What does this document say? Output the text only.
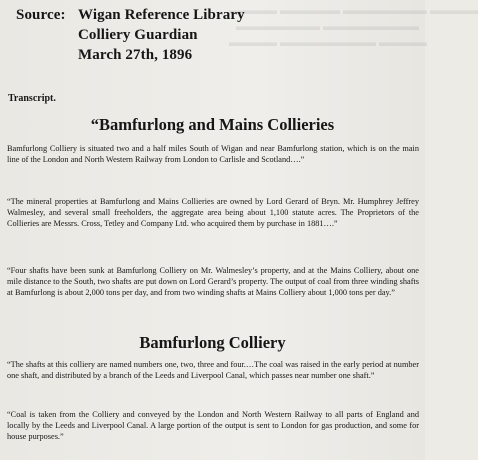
▬▬▬▬ ▬▬▬▬▬ ▬▬▬▬▬▬▬ ▬▬▬▬
▬▬▬▬▬▬▬ ▬▬▬▬▬▬▬▬
▬▬▬▬ ▬▬▬▬▬▬▬▬ ▬▬▬▬
Source: Wigan Reference Library
Colliery Guardian
March 27th, 1896
Transcript.
“Bamfurlong and Mains Collieries
Bamfurlong Colliery is situated two and a half miles South of Wigan and near Bamfurlong station, which is on the main line of the London and North Western Railway from London to Carlisle and Scotland….”
“The mineral properties at Bamfurlong and Mains Collieries are owned by Lord Gerard of Bryn. Mr. Humphrey Jeffrey Walmesley, and several small freeholders, the aggregate area being about 1,100 statute acres. The Proprietors of the Collieries are Messrs. Cross, Tetley and Company Ltd. who acquired them by purchase in 1881….”
“Four shafts have been sunk at Bamfurlong Colliery on Mr. Walmesley’s property, and at the Mains Colliery, about one mile distance to the South, two shafts are put down on Lord Gerard’s property. The output of coal from three winding shafts at Bamfurlong is about 2,000 tons per day, and from two winding shafts at Mains Colliery about 1,000 tons per day.”
Bamfurlong Colliery
“The shafts at this colliery are named numbers one, two, three and four.…The coal was raised in the early period at number one shaft, and distributed by a branch of the Leeds and Liverpool Canal, which passes near number one shaft.”
“Coal is taken from the Colliery and conveyed by the London and North Western Railway to all parts of England and locally by the Leeds and Liverpool Canal. A large portion of the output is sent to London for gas production, and some for house purposes.”
